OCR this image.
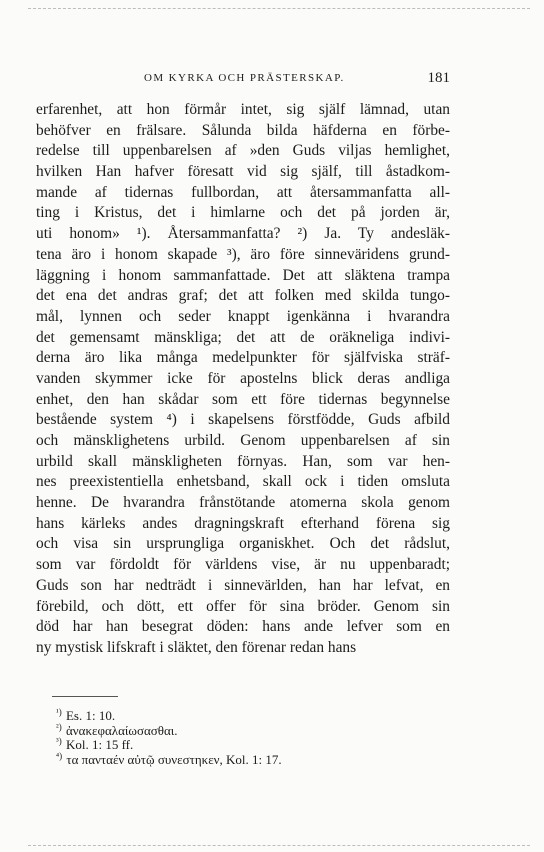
OM KYRKA OCH PRÄSTERSKAP.	181
erfarenhet, att hon förmår intet, sig själf lämnad, utan
behöfver en frälsare. Sålunda bilda häfderna en förbe-
redelse till uppenbarelsen af »den Guds viljas hemlighet,
hvilken Han hafver föresatt vid sig själf, till åstadkom-
mande af tidernas fullbordan, att återsammanfatta all-
ting i Kristus, det i himlarne och det på jorden är,
uti honom» ¹). Återsammanfatta? ²) Ja. Ty andesläk-
tena äro i honom skapade ³), äro före sinneväridens grund-
läggning i honom sammanfattade. Det att släktena trampa
det ena det andras graf; det att folken med skilda tungo-
mål, lynnen och seder knappt igenkänna i hvarandra
det gemensamt mänskliga; det att de oräkneliga indivi-
derna äro lika många medelpunkter för själfviska sträf-
vanden skymmer icke för apostelns blick deras andliga
enhet, den han skådar som ett före tidernas begynnelse
bestående system ⁴) i skapelsens förstfödde, Guds afbild
och mänsklighetens urbild. Genom uppenbarelsen af sin
urbild skall mänskligheten förnyas. Han, som var hen-
nes preexistentiella enhetsband, skall ock i tiden omsluta
henne. De hvarandra frånstötande atomerna skola genom
hans kärleks andes dragningskraft efterhand förena sig
och visa sin ursprungliga organiskhet. Och det rådslut,
som var fördoldt för världens vise, är nu uppenbaradt;
Guds son har nedträdt i sinnevärlden, han har lefvat, en
förebild, och dött, ett offer för sina bröder. Genom sin
död har han besegrat döden: hans ande lefver som en
ny mystisk lifskraft i släktet, den förenar redan hans
$^{^1)}$ Es. 1: 10.
$^{^2)}$ ἀνακεφαλαίωσασθαι.
$^{^3)}$ Kol. 1: 15 ff.
$^{^4)}$ τα πανταέν αὐτῷ συνεστηκεν, Kol. 1: 17.
